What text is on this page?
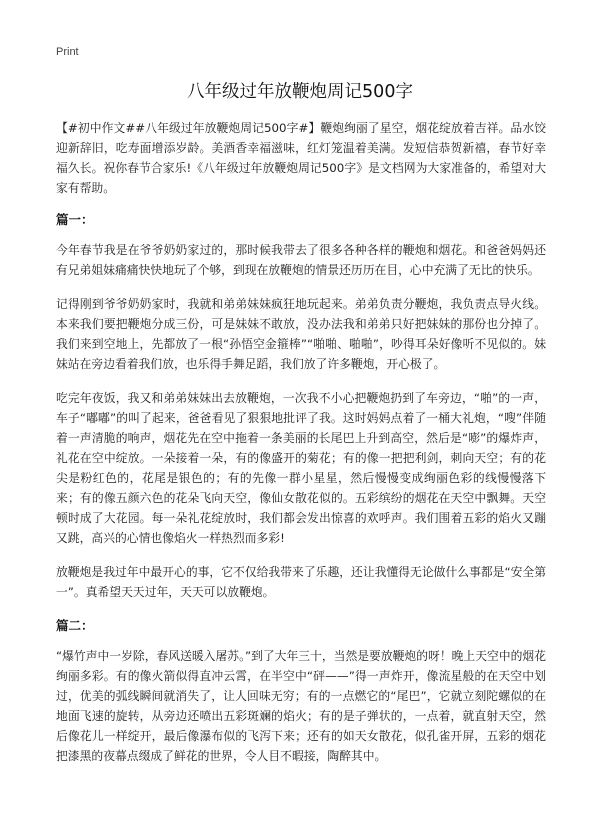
Print
八年级过年放鞭炮周记500字

【#初中作文##八年级过年放鞭炮周记500字#】鞭炮绚丽了星空，烟花绽放着吉祥。品水饺迎新辞旧，吃寿面增添岁龄。美酒香幸福滋味，红灯笼温着美满。发短信恭贺新禧，春节好幸福久长。祝你春节合家乐!《八年级过年放鞭炮周记500字》是文档网为大家准备的，希望对大家有帮助。

篇一：

今年春节我是在爷爷奶奶家过的，那时候我带去了很多各种各样的鞭炮和烟花。和爸爸妈妈还有兄弟姐妹痛痛快快地玩了个够，到现在放鞭炮的情景还历历在目，心中充满了无比的快乐。

记得刚到爷爷奶奶家时，我就和弟弟妹妹疯狂地玩起来。弟弟负责分鞭炮，我负责点导火线。本来我们要把鞭炮分成三份，可是妹妹不敢放，没办法我和弟弟只好把妹妹的那份也分掉了。我们来到空地上，先都放了一根“孙悟空金箍棒”“啪啪、啪啪”，吵得耳朵好像听不见似的。妹妹站在旁边看着我们放，也乐得手舞足蹈，我们放了许多鞭炮，开心极了。

吃完年夜饭，我又和弟弟妹妹出去放鞭炮，一次我不小心把鞭炮扔到了车旁边，“啪”的一声，车子“嘟嘟”的叫了起来，爸爸看见了狠狠地批评了我。这时妈妈点着了一桶大礼炮，“嗖”伴随着一声清脆的响声，烟花先在空中拖着一条美丽的长尾巴上升到高空，然后是“嘭”的爆炸声，礼花在空中绽放。一朵接着一朵，有的像盛开的菊花；有的像一把把利剑，刺向天空；有的花尖是粉红色的，花尾是银色的；有的先像一群小星星，然后慢慢变成绚丽色彩的线慢慢落下来；有的像五颜六色的花朵飞向天空，像仙女散花似的。五彩缤纷的烟花在天空中飘舞。天空顿时成了大花园。每一朵礼花绽放时，我们都会发出惊喜的欢呼声。我们围着五彩的焰火又蹦又跳，高兴的心情也像焰火一样热烈而多彩!

放鞭炮是我过年中最开心的事，它不仅给我带来了乐趣，还让我懂得无论做什么事都是“安全第一”。真希望天天过年，天天可以放鞭炮。

篇二：

“爆竹声中一岁除，春风送暖入屠苏。”到了大年三十，当然是要放鞭炮的呀！晚上天空中的烟花绚丽多彩。有的像火箭似得直冲云霄，在半空中“砰——”得一声炸开，像流星般的在天空中划过，优美的弧线瞬间就消失了，让人回味无穷；有的一点燃它的“尾巴”，它就立刻陀螺似的在地面飞速的旋转，从旁边还喷出五彩斑斓的焰火；有的是子弹状的，一点着，就直射天空，然后像花儿一样绽开，最后像瀑布似的飞泻下来；还有的如天女散花，似孔雀开屏，五彩的烟花把漆黑的夜幕点缀成了鲜花的世界，令人目不暇接，陶醉其中。
